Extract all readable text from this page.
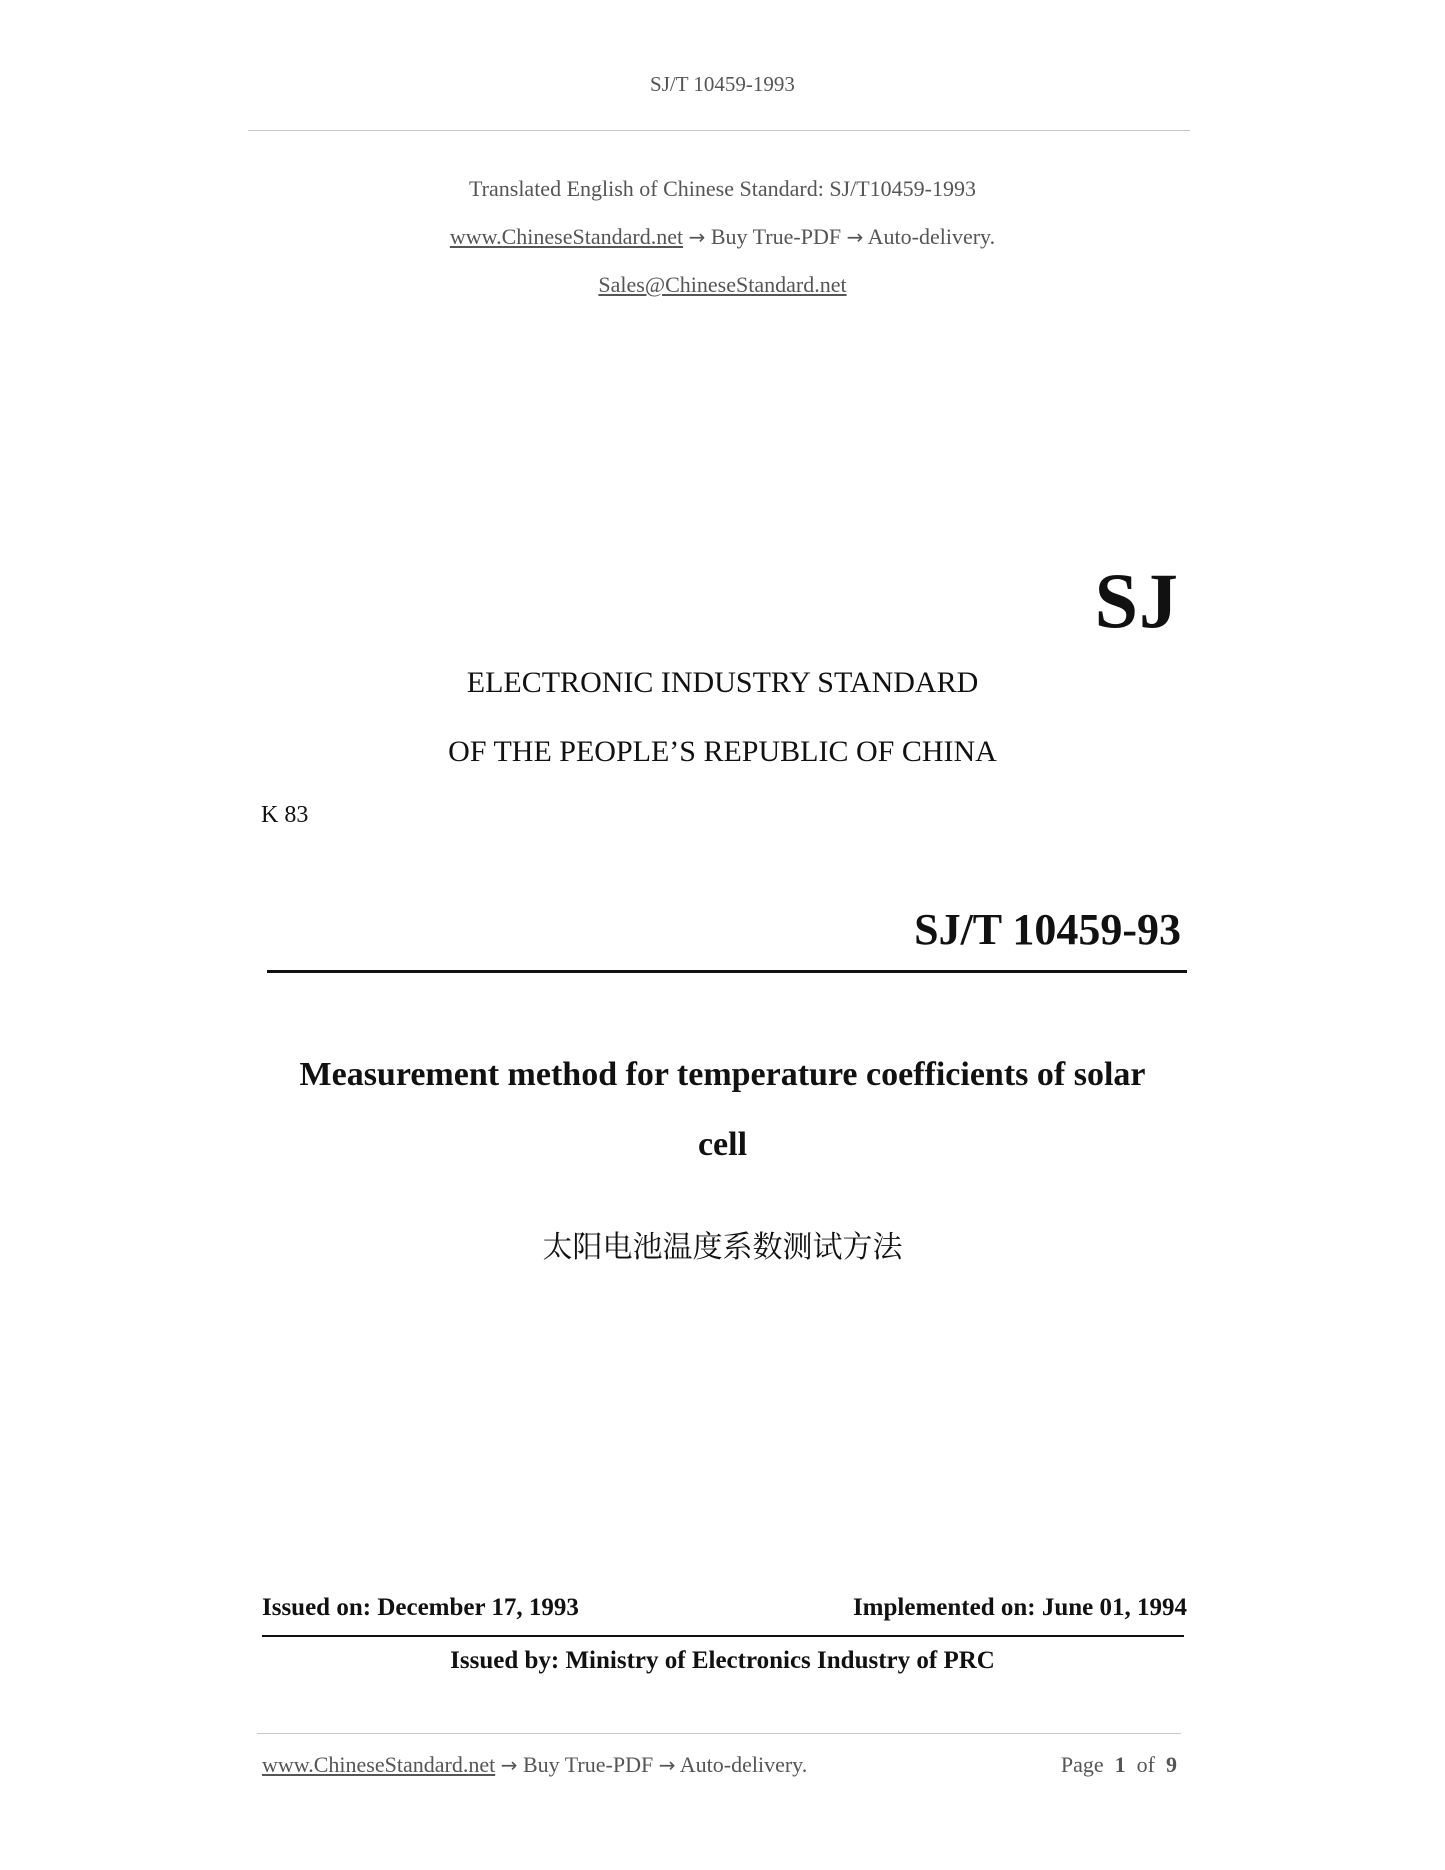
SJ/T 10459-1993
Translated English of Chinese Standard: SJ/T10459-1993
www.ChineseStandard.net → Buy True-PDF → Auto-delivery.
Sales@ChineseStandard.net
SJ
ELECTRONIC INDUSTRY STANDARD
OF THE PEOPLE’S REPUBLIC OF CHINA
K 83
SJ/T 10459-93
Measurement method for temperature coefficients of solar
cell
太阳电池温度系数测试方法
Issued on: December 17, 1993	Implemented on: June 01, 1994
Issued by: Ministry of Electronics Industry of PRC
www.ChineseStandard.net → Buy True-PDF → Auto-delivery.	Page 1 of 9
